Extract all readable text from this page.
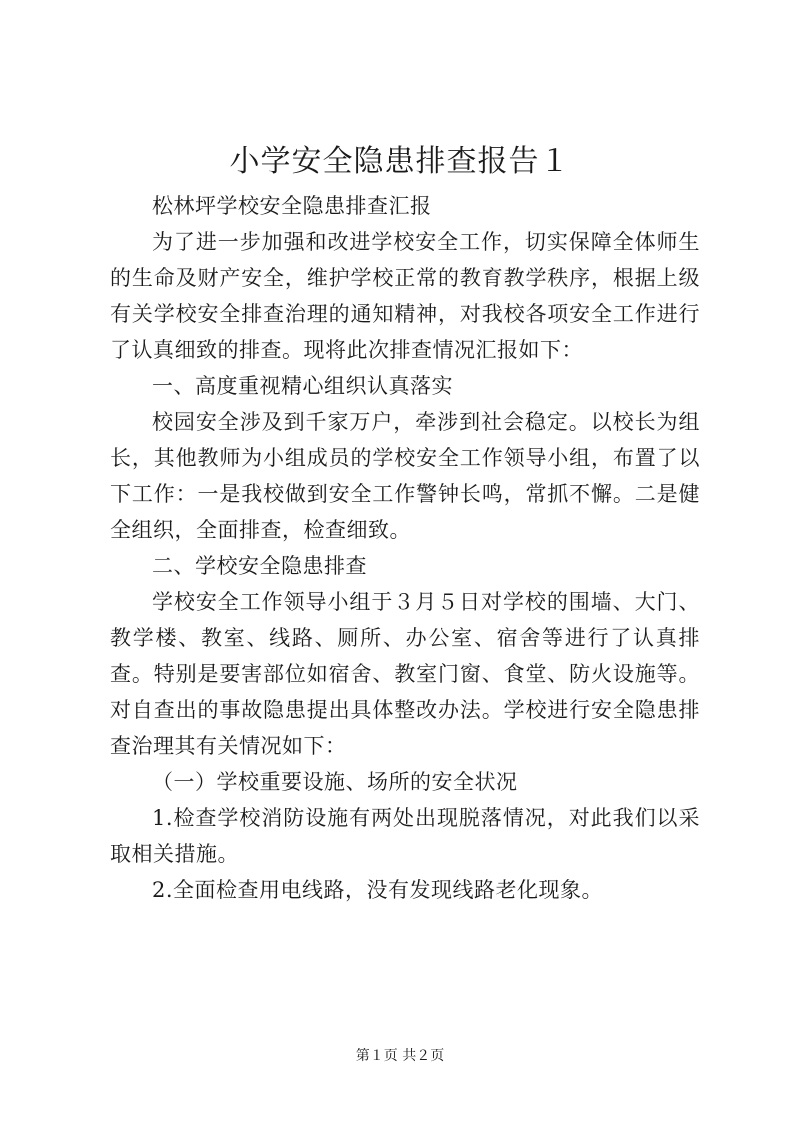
小学安全隐患排查报告１

松林坪学校安全隐患排查汇报

为了进一步加强和改进学校安全工作，切实保障全体师生的生命及财产安全，维护学校正常的教育教学秩序，根据上级有关学校安全排查治理的通知精神，对我校各项安全工作进行了认真细致的排查。现将此次排查情况汇报如下：

一、高度重视精心组织认真落实

校园安全涉及到千家万户，牵涉到社会稳定。以校长为组长，其他教师为小组成员的学校安全工作领导小组，布置了以下工作：一是我校做到安全工作警钟长鸣，常抓不懈。二是健全组织，全面排查，检查细致。

二、学校安全隐患排查

学校安全工作领导小组于３月５日对学校的围墙、大门、教学楼、教室、线路、厕所、办公室、宿舍等进行了认真排查。特别是要害部位如宿舍、教室门窗、食堂、防火设施等。对自查出的事故隐患提出具体整改办法。学校进行安全隐患排查治理其有关情况如下：

（一）学校重要设施、场所的安全状况

1.检查学校消防设施有两处出现脱落情况，对此我们以采取相关措施。

2.全面检查用电线路，没有发现线路老化现象。

第１页 共２页
